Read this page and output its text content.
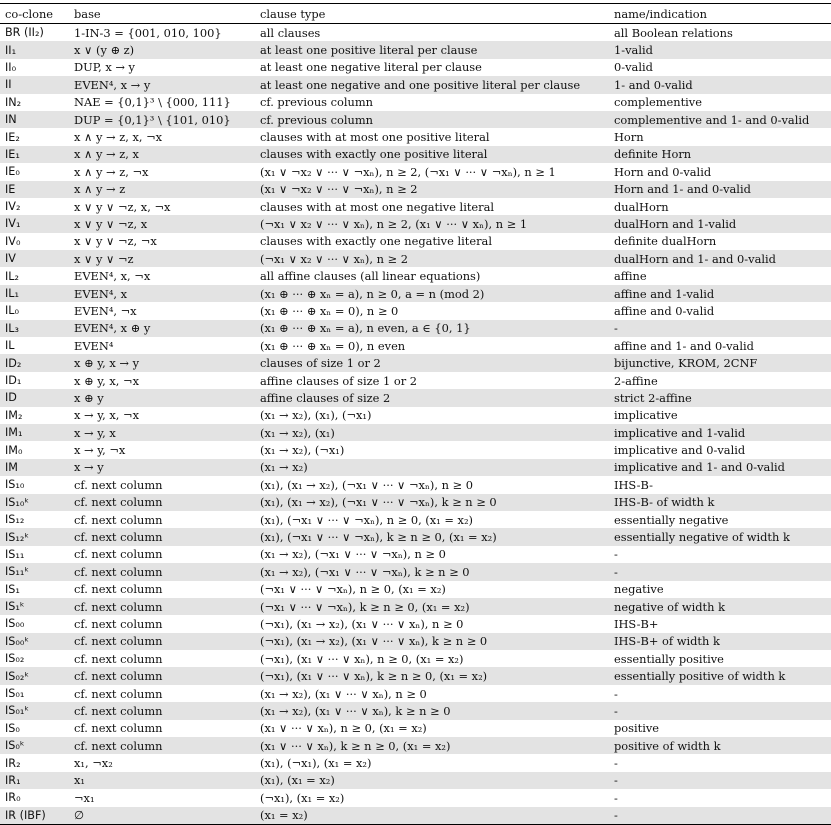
co-clone	base	clause type	name/indication
BR (II₂)	1-IN-3 = {001, 010, 100}	all clauses	all Boolean relations
II₁	x ∨ (y ⊕ z)	at least one positive literal per clause	1-valid
II₀	DUP, x → y	at least one negative literal per clause	0-valid
II	EVEN⁴, x → y	at least one negative and one positive literal per clause	1- and 0-valid
IN₂	NAE = {0,1}³ \ {000, 111}	cf. previous column	complementive
IN	DUP = {0,1}³ \ {101, 010}	cf. previous column	complementive and 1- and 0-valid
IE₂	x ∧ y → z, x, ¬x	clauses with at most one positive literal	Horn
IE₁	x ∧ y → z, x	clauses with exactly one positive literal	definite Horn
IE₀	x ∧ y → z, ¬x	(x₁ ∨ ¬x₂ ∨ ··· ∨ ¬xₙ), n ≥ 2, (¬x₁ ∨ ··· ∨ ¬xₙ), n ≥ 1	Horn and 0-valid
IE	x ∧ y → z	(x₁ ∨ ¬x₂ ∨ ··· ∨ ¬xₙ), n ≥ 2	Horn and 1- and 0-valid
IV₂	x ∨ y ∨ ¬z, x, ¬x	clauses with at most one negative literal	dualHorn
IV₁	x ∨ y ∨ ¬z, x	(¬x₁ ∨ x₂ ∨ ··· ∨ xₙ), n ≥ 2, (x₁ ∨ ··· ∨ xₙ), n ≥ 1	dualHorn and 1-valid
IV₀	x ∨ y ∨ ¬z, ¬x	clauses with exactly one negative literal	definite dualHorn
IV	x ∨ y ∨ ¬z	(¬x₁ ∨ x₂ ∨ ··· ∨ xₙ), n ≥ 2	dualHorn and 1- and 0-valid
IL₂	EVEN⁴, x, ¬x	all affine clauses (all linear equations)	affine
IL₁	EVEN⁴, x	(x₁ ⊕ ··· ⊕ xₙ = a), n ≥ 0, a = n (mod 2)	affine and 1-valid
IL₀	EVEN⁴, ¬x	(x₁ ⊕ ··· ⊕ xₙ = 0), n ≥ 0	affine and 0-valid
IL₃	EVEN⁴, x ⊕ y	(x₁ ⊕ ··· ⊕ xₙ = a), n even, a ∈ {0, 1}	-
IL	EVEN⁴	(x₁ ⊕ ··· ⊕ xₙ = 0), n even	affine and 1- and 0-valid
ID₂	x ⊕ y, x → y	clauses of size 1 or 2	bijunctive, KROM, 2CNF
ID₁	x ⊕ y, x, ¬x	affine clauses of size 1 or 2	2-affine
ID	x ⊕ y	affine clauses of size 2	strict 2-affine
IM₂	x → y, x, ¬x	(x₁ → x₂), (x₁), (¬x₁)	implicative
IM₁	x → y, x	(x₁ → x₂), (x₁)	implicative and 1-valid
IM₀	x → y, ¬x	(x₁ → x₂), (¬x₁)	implicative and 0-valid
IM	x → y	(x₁ → x₂)	implicative and 1- and 0-valid
IS₁₀	cf. next column	(x₁), (x₁ → x₂), (¬x₁ ∨ ··· ∨ ¬xₙ), n ≥ 0	IHS-B-
IS₁₀ᵏ	cf. next column	(x₁), (x₁ → x₂), (¬x₁ ∨ ··· ∨ ¬xₙ), k ≥ n ≥ 0	IHS-B- of width k
IS₁₂	cf. next column	(x₁), (¬x₁ ∨ ··· ∨ ¬xₙ), n ≥ 0, (x₁ = x₂)	essentially negative
IS₁₂ᵏ	cf. next column	(x₁), (¬x₁ ∨ ··· ∨ ¬xₙ), k ≥ n ≥ 0, (x₁ = x₂)	essentially negative of width k
IS₁₁	cf. next column	(x₁ → x₂), (¬x₁ ∨ ··· ∨ ¬xₙ), n ≥ 0	-
IS₁₁ᵏ	cf. next column	(x₁ → x₂), (¬x₁ ∨ ··· ∨ ¬xₙ), k ≥ n ≥ 0	-
IS₁	cf. next column	(¬x₁ ∨ ··· ∨ ¬xₙ), n ≥ 0, (x₁ = x₂)	negative
IS₁ᵏ	cf. next column	(¬x₁ ∨ ··· ∨ ¬xₙ), k ≥ n ≥ 0, (x₁ = x₂)	negative of width k
IS₀₀	cf. next column	(¬x₁), (x₁ → x₂), (x₁ ∨ ··· ∨ xₙ), n ≥ 0	IHS-B+
IS₀₀ᵏ	cf. next column	(¬x₁), (x₁ → x₂), (x₁ ∨ ··· ∨ xₙ), k ≥ n ≥ 0	IHS-B+ of width k
IS₀₂	cf. next column	(¬x₁), (x₁ ∨ ··· ∨ xₙ), n ≥ 0, (x₁ = x₂)	essentially positive
IS₀₂ᵏ	cf. next column	(¬x₁), (x₁ ∨ ··· ∨ xₙ), k ≥ n ≥ 0, (x₁ = x₂)	essentially positive of width k
IS₀₁	cf. next column	(x₁ → x₂), (x₁ ∨ ··· ∨ xₙ), n ≥ 0	-
IS₀₁ᵏ	cf. next column	(x₁ → x₂), (x₁ ∨ ··· ∨ xₙ), k ≥ n ≥ 0	-
IS₀	cf. next column	(x₁ ∨ ··· ∨ xₙ), n ≥ 0, (x₁ = x₂)	positive
IS₀ᵏ	cf. next column	(x₁ ∨ ··· ∨ xₙ), k ≥ n ≥ 0, (x₁ = x₂)	positive of width k
IR₂	x₁, ¬x₂	(x₁), (¬x₁), (x₁ = x₂)	-
IR₁	x₁	(x₁), (x₁ = x₂)	-
IR₀	¬x₁	(¬x₁), (x₁ = x₂)	-
IR (IBF)	∅	(x₁ = x₂)	-
